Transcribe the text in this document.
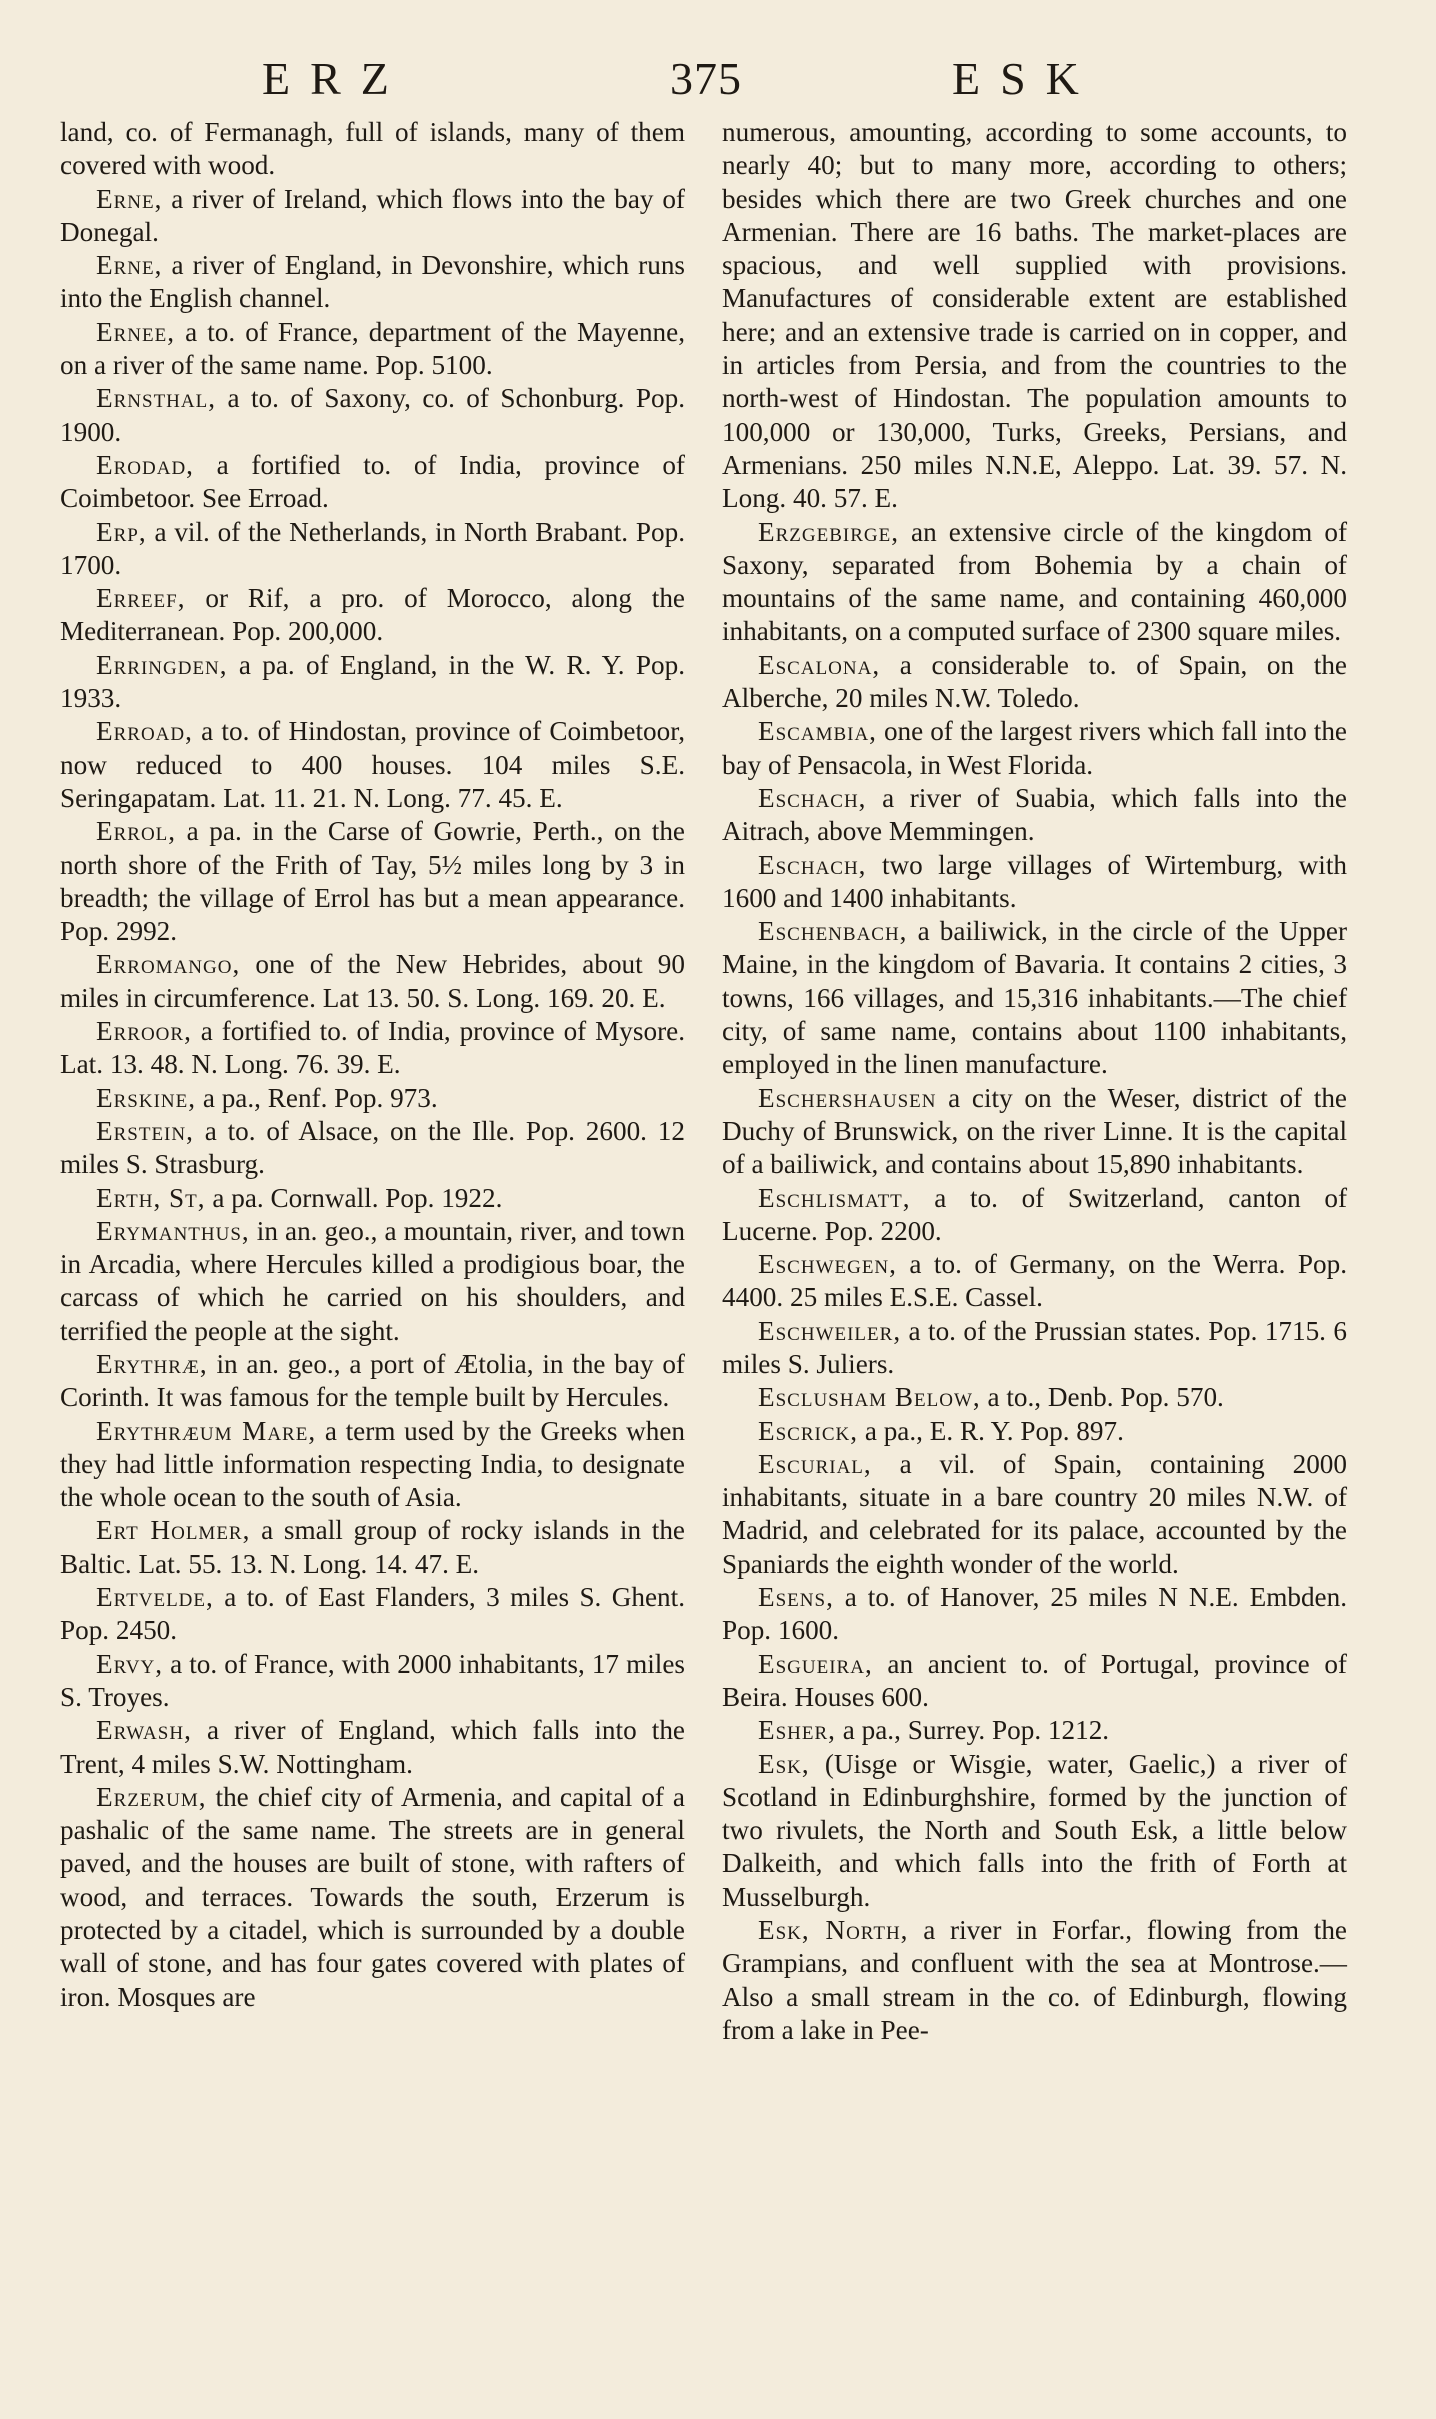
ERZ	375	ESK

land, co. of Fermanagh, full of islands, many of them covered with wood.

Erne, a river of Ireland, which flows into the bay of Donegal.

Erne, a river of England, in Devonshire, which runs into the English channel.

Ernee, a to. of France, department of the Mayenne, on a river of the same name. Pop. 5100.

Ernsthal, a to. of Saxony, co. of Schonburg. Pop. 1900.

Erodad, a fortified to. of India, province of Coimbetoor. See Erroad.

Erp, a vil. of the Netherlands, in North Brabant. Pop. 1700.

Erreef, or Rif, a pro. of Morocco, along the Mediterranean. Pop. 200,000.

Erringden, a pa. of England, in the W. R. Y. Pop. 1933.

Erroad, a to. of Hindostan, province of Coimbetoor, now reduced to 400 houses. 104 miles S.E. Seringapatam. Lat. 11. 21. N. Long. 77. 45. E.

Errol, a pa. in the Carse of Gowrie, Perth., on the north shore of the Frith of Tay, 5½ miles long by 3 in breadth; the village of Errol has but a mean appearance. Pop. 2992.

Erromango, one of the New Hebrides, about 90 miles in circumference. Lat 13. 50. S. Long. 169. 20. E.

Erroor, a fortified to. of India, province of Mysore. Lat. 13. 48. N. Long. 76. 39. E.

Erskine, a pa., Renf. Pop. 973.

Erstein, a to. of Alsace, on the Ille. Pop. 2600. 12 miles S. Strasburg.

Erth, St, a pa. Cornwall. Pop. 1922.

Erymanthus, in an. geo., a mountain, river, and town in Arcadia, where Hercules killed a prodigious boar, the carcass of which he carried on his shoulders, and terrified the people at the sight.

Erythræ, in an. geo., a port of Ætolia, in the bay of Corinth. It was famous for the temple built by Hercules.

Erythræum Mare, a term used by the Greeks when they had little information respecting India, to designate the whole ocean to the south of Asia.

Ert Holmer, a small group of rocky islands in the Baltic. Lat. 55. 13. N. Long. 14. 47. E.

Ertvelde, a to. of East Flanders, 3 miles S. Ghent. Pop. 2450.

Ervy, a to. of France, with 2000 inhabitants, 17 miles S. Troyes.

Erwash, a river of England, which falls into the Trent, 4 miles S.W. Nottingham.

Erzerum, the chief city of Armenia, and capital of a pashalic of the same name. The streets are in general paved, and the houses are built of stone, with rafters of wood, and terraces. Towards the south, Erzerum is protected by a citadel, which is surrounded by a double wall of stone, and has four gates covered with plates of iron. Mosques are

numerous, amounting, according to some accounts, to nearly 40; but to many more, according to others; besides which there are two Greek churches and one Armenian. There are 16 baths. The market-places are spacious, and well supplied with provisions. Manufactures of considerable extent are established here; and an extensive trade is carried on in copper, and in articles from Persia, and from the countries to the north-west of Hindostan. The population amounts to 100,000 or 130,000, Turks, Greeks, Persians, and Armenians. 250 miles N.N.E, Aleppo. Lat. 39. 57. N. Long. 40. 57. E.

Erzgebirge, an extensive circle of the kingdom of Saxony, separated from Bohemia by a chain of mountains of the same name, and containing 460,000 inhabitants, on a computed surface of 2300 square miles.

Escalona, a considerable to. of Spain, on the Alberche, 20 miles N.W. Toledo.

Escambia, one of the largest rivers which fall into the bay of Pensacola, in West Florida.

Eschach, a river of Suabia, which falls into the Aitrach, above Memmingen.

Eschach, two large villages of Wirtemburg, with 1600 and 1400 inhabitants.

Eschenbach, a bailiwick, in the circle of the Upper Maine, in the kingdom of Bavaria. It contains 2 cities, 3 towns, 166 villages, and 15,316 inhabitants.—The chief city, of same name, contains about 1100 inhabitants, employed in the linen manufacture.

Eschershausen a city on the Weser, district of the Duchy of Brunswick, on the river Linne. It is the capital of a bailiwick, and contains about 15,890 inhabitants.

Eschlismatt, a to. of Switzerland, canton of Lucerne. Pop. 2200.

Eschwegen, a to. of Germany, on the Werra. Pop. 4400. 25 miles E.S.E. Cassel.

Eschweiler, a to. of the Prussian states. Pop. 1715. 6 miles S. Juliers.

Esclusham Below, a to., Denb. Pop. 570.

Escrick, a pa., E. R. Y. Pop. 897.

Escurial, a vil. of Spain, containing 2000 inhabitants, situate in a bare country 20 miles N.W. of Madrid, and celebrated for its palace, accounted by the Spaniards the eighth wonder of the world.

Esens, a to. of Hanover, 25 miles N N.E. Embden. Pop. 1600.

Esgueira, an ancient to. of Portugal, province of Beira. Houses 600.

Esher, a pa., Surrey. Pop. 1212.

Esk, (Uisge or Wisgie, water, Gaelic,) a river of Scotland in Edinburghshire, formed by the junction of two rivulets, the North and South Esk, a little below Dalkeith, and which falls into the frith of Forth at Musselburgh.

Esk, North, a river in Forfar., flowing from the Grampians, and confluent with the sea at Montrose.—Also a small stream in the co. of Edinburgh, flowing from a lake in Pee-
